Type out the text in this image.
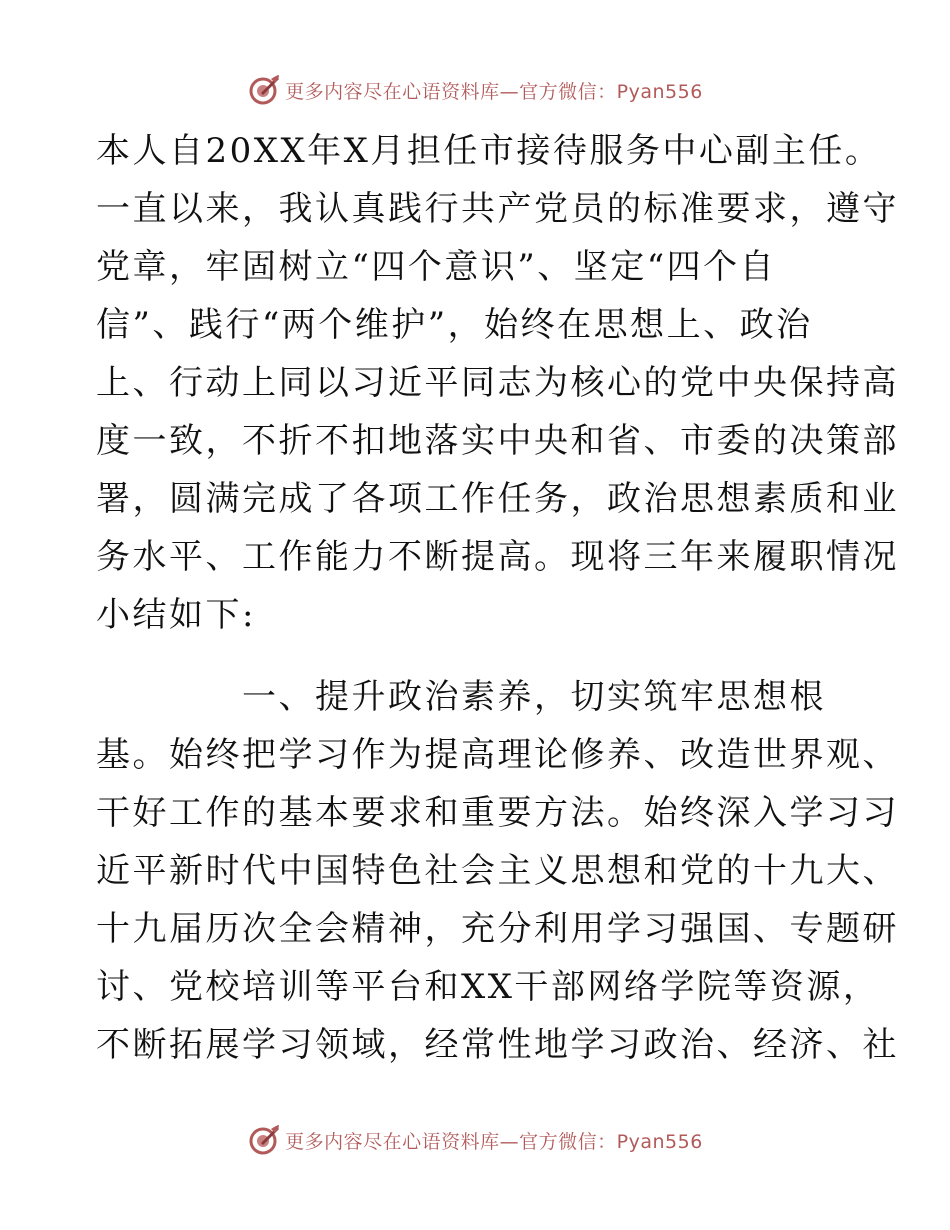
更多内容尽在心语资料库—官方微信：Pyan556
本人自20XX年X月担任市接待服务中心副主任。
一直以来，我认真践行共产党员的标准要求，遵守
党章，牢固树立“四个意识”、坚定“四个自
信”、践行“两个维护”，始终在思想上、政治
上、行动上同以习近平同志为核心的党中央保持高
度一致，不折不扣地落实中央和省、市委的决策部
署，圆满完成了各项工作任务，政治思想素质和业
务水平、工作能力不断提高。现将三年来履职情况
小结如下:
　　　　一、提升政治素养，切实筑牢思想根
基。始终把学习作为提高理论修养、改造世界观、
干好工作的基本要求和重要方法。始终深入学习习
近平新时代中国特色社会主义思想和党的十九大、
十九届历次全会精神，充分利用学习强国、专题研
讨、党校培训等平台和XX干部网络学院等资源，
不断拓展学习领域，经常性地学习政治、经济、社
更多内容尽在心语资料库—官方微信：Pyan556
